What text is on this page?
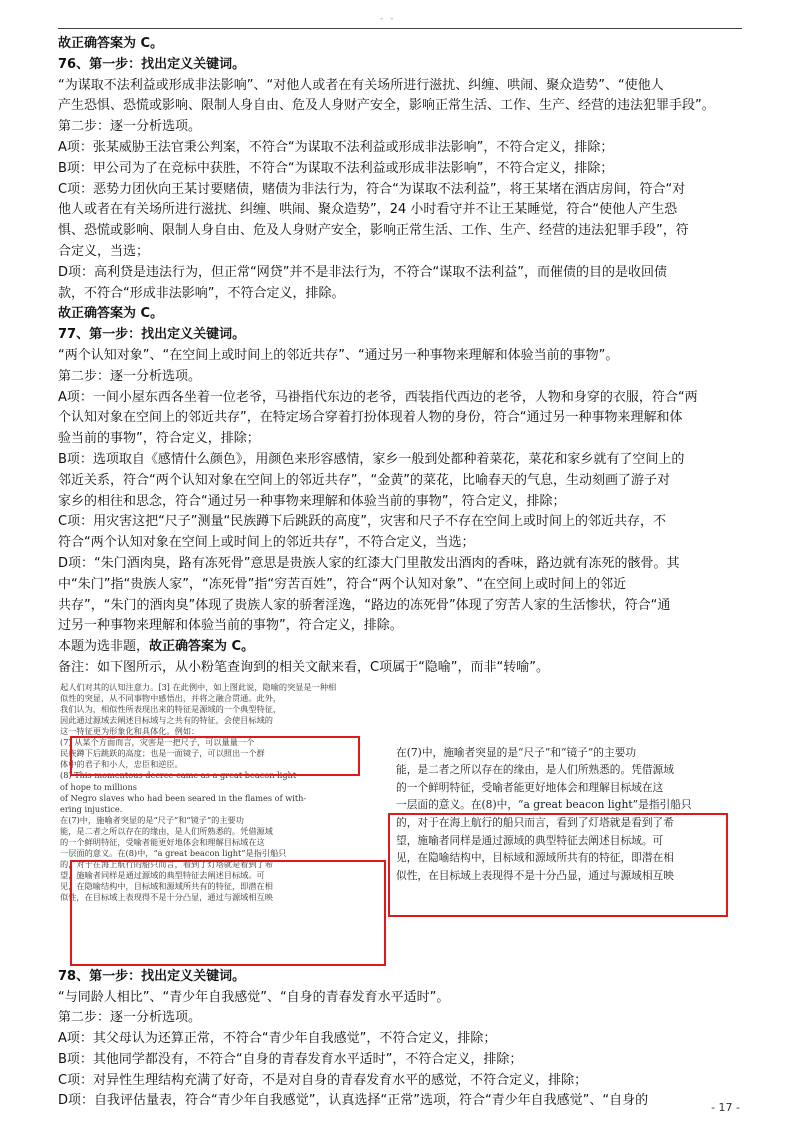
- -

故正确答案为 C。

76、第一步：找出定义关键词。

“为谋取不法利益或形成非法影响”、“对他人或者在有关场所进行滋扰、纠缠、哄闹、聚众造势”、“使他人

产生恐惧、恐慌或影响、限制人身自由、危及人身财产安全，影响正常生活、工作、生产、经营的违法犯罪手段”。

第二步：逐一分析选项。

A项：张某威胁王法官秉公判案，不符合“为谋取不法利益或形成非法影响”，不符合定义，排除；

B项：甲公司为了在竞标中获胜，不符合“为谋取不法利益或形成非法影响”，不符合定义，排除；

C项：恶势力团伙向王某讨要赌债，赌债为非法行为，符合“为谋取不法利益”，将王某堵在酒店房间，符合“对

他人或者在有关场所进行滋扰、纠缠、哄闹、聚众造势”，24 小时看守并不让王某睡觉，符合“使他人产生恐

惧、恐慌或影响、限制人身自由、危及人身财产安全，影响正常生活、工作、生产、经营的违法犯罪手段”，符

合定义，当选；

D项：高利贷是违法行为，但正常“网贷”并不是非法行为，不符合“谋取不法利益”，而催债的目的是收回债

款，不符合“形成非法影响”，不符合定义，排除。

故正确答案为 C。

77、第一步：找出定义关键词。

“两个认知对象”、“在空间上或时间上的邻近共存”、“通过另一种事物来理解和体验当前的事物”。

第二步：逐一分析选项。

A项：一间小屋东西各坐着一位老爷，马褂指代东边的老爷，西装指代西边的老爷，人物和身穿的衣服，符合“两

个认知对象在空间上的邻近共存”，在特定场合穿着打扮体现着人物的身份，符合“通过另一种事物来理解和体

验当前的事物”，符合定义，排除；

B项：选项取自《感情什么颜色》，用颜色来形容感情，家乡一般到处都种着菜花，菜花和家乡就有了空间上的

邻近关系，符合“两个认知对象在空间上的邻近共存”，“金黄”的菜花，比喻春天的气息，生动刻画了游子对

家乡的相往和思念，符合“通过另一种事物来理解和体验当前的事物”，符合定义，排除；

C项：用灾害这把“尺子”测量“民族蹲下后跳跃的高度”，灾害和尺子不存在空间上或时间上的邻近共存，不

符合“两个认知对象在空间上或时间上的邻近共存”，不符合定义，当选；

D项：“朱门酒肉臭，路有冻死骨”意思是贵族人家的红漆大门里散发出酒肉的香味，路边就有冻死的骸骨。其

中“朱门”指“贵族人家”，“冻死骨”指“穷苦百姓”，符合“两个认知对象”、“在空间上或时间上的邻近

共存”，“朱门的酒肉臭”体现了贵族人家的骄奢淫逸，“路边的冻死骨”体现了穷苦人家的生活惨状，符合“通

过另一种事物来理解和体验当前的事物”，符合定义，排除。

本题为选非题，故正确答案为 C。

备注：如下图所示，从小粉笔查询到的相关文献来看，C项属于“隐喻”，而非“转喻”。

起人们对其的认知注意力。[3] 在此例中，如上图此说，隐喻的突显是一种相

似性的突显，从不同事物中感悟出，并将之融合贯通。此外，

我们认为，相似性所表现出来的特征是源域的一个典型特征，

因此通过源域去阐述目标域与之共有的特征，会使目标域的

这一特征更为形象化和具体化。例如：

(7) 从某个方面而言，灾害是一把尺子，可以量量一个

民族蹲下后跳跃的高度；也是一面镜子，可以照出一个群

体中的君子和小人，忠臣和逆臣。

(8) This momentous decree came as a great beacon light

of hope to millions

of Negro slaves who had been seared in the flames of with-

ering injustice.

在(7)中，施喻者突显的是“尺子”和“镜子”的主要功

能，是二者之所以存在的缘由，是人们所熟悉的。凭借源域

的一个鲜明特征，受喻者能更好地体会和理解目标域在这

一层面的意义。在(8)中，“a great beacon light”是指引船只

的，对于在海上航行的船只而言，看到了灯塔就是看到了希

望，施喻者同样是通过源域的典型特征去阐述目标域。可

见，在隐喻结构中，目标域和源域所共有的特征，即潜在相

似性，在目标域上表现得不是十分凸显，通过与源域相互映

在(7)中，施喻者突显的是“尺子”和“镜子”的主要功

能，是二者之所以存在的缘由，是人们所熟悉的。凭借源域

的一个鲜明特征，受喻者能更好地体会和理解目标域在这

一层面的意义。在(8)中，“a great beacon light”是指引船只

的，对于在海上航行的船只而言，看到了灯塔就是看到了希

望，施喻者同样是通过源域的典型特征去阐述目标域。可

见，在隐喻结构中，目标域和源域所共有的特征，即潜在相

似性，在目标域上表现得不是十分凸显，通过与源域相互映

78、第一步：找出定义关键词。

“与同龄人相比”、“青少年自我感觉”、“自身的青春发育水平适时”。

第二步：逐一分析选项。

A项：其父母认为还算正常，不符合“青少年自我感觉”，不符合定义，排除；

B项：其他同学都没有，不符合“自身的青春发育水平适时”，不符合定义，排除；

C项：对异性生理结构充满了好奇，不是对自身的青春发育水平的感觉，不符合定义，排除；

D项：自我评估量表，符合“青少年自我感觉”，认真选择“正常”选项，符合“青少年自我感觉”、“自身的	- 17 -
